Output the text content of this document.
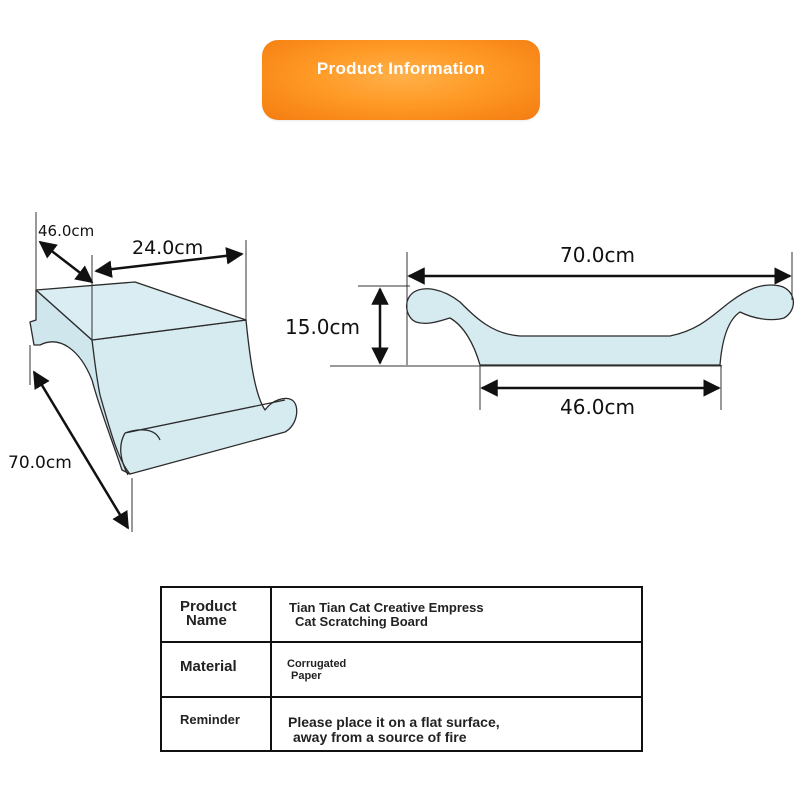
Product Information
46.0cm
24.0cm
70.0cm
70.0cm
15.0cm
46.0cm
Product
Name
Tian Tian Cat Creative Empress
Cat Scratching Board
Material	Corrugated
Paper
Reminder	Please place it on a flat surface,
away from a source of fire
